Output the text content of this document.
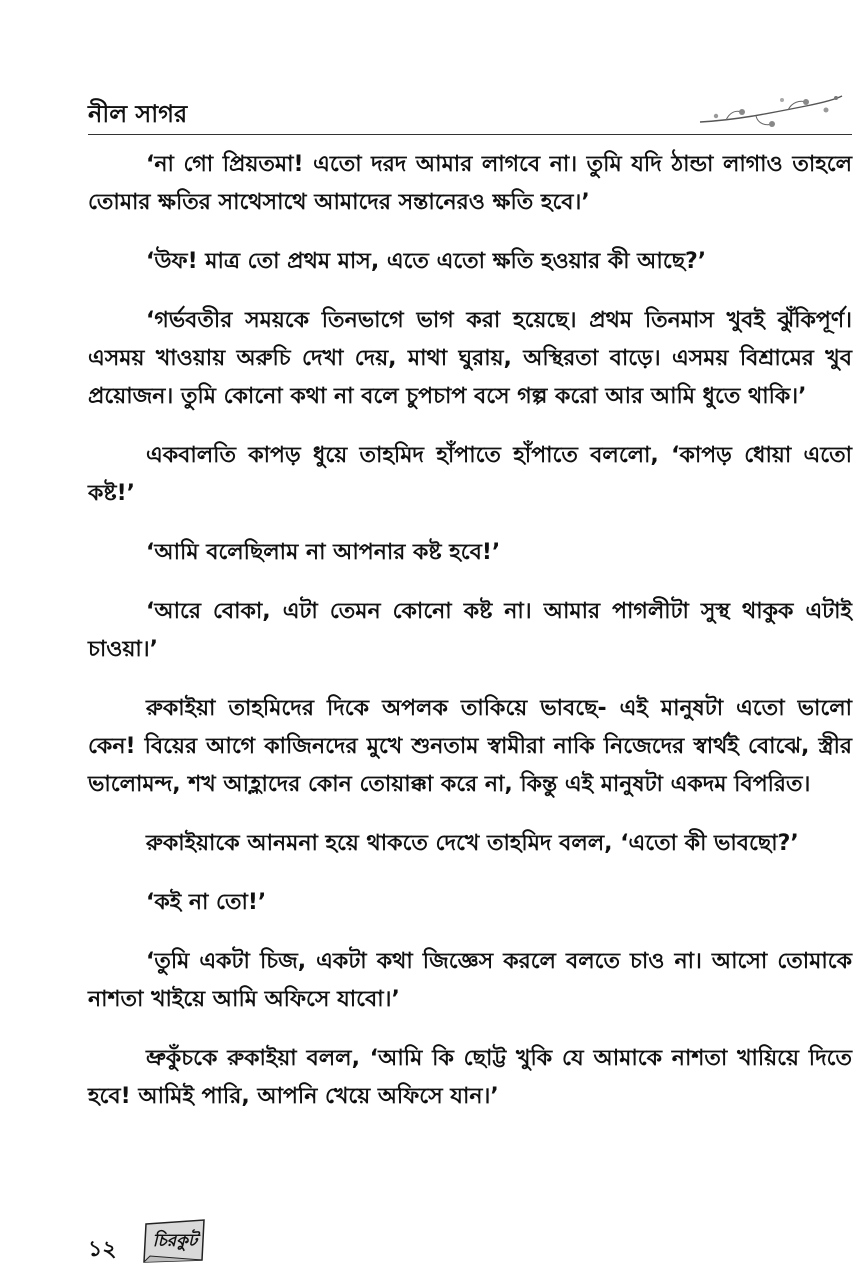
নীল সাগর

‘না গো প্রিয়তমা! এতো দরদ আমার লাগবে না। তুমি যদি ঠান্ডা লাগাও তাহলে তোমার ক্ষতির সাথেসাথে আমাদের সন্তানেরও ক্ষতি হবে।’

‘উফ! মাত্র তো প্রথম মাস, এতে এতো ক্ষতি হওয়ার কী আছে?’

‘গর্ভবতীর সময়কে তিনভাগে ভাগ করা হয়েছে। প্রথম তিনমাস খুবই ঝুঁকিপূর্ণ। এসময় খাওয়ায় অরুচি দেখা দেয়, মাথা ঘুরায়, অস্থিরতা বাড়ে। এসময় বিশ্রামের খুব প্রয়োজন। তুমি কোনো কথা না বলে চুপচাপ বসে গল্প করো আর আমি ধুতে থাকি।’

একবালতি কাপড় ধুয়ে তাহমিদ হাঁপাতে হাঁপাতে বললো, ‘কাপড় ধোয়া এতো কষ্ট!’

‘আমি বলেছিলাম না আপনার কষ্ট হবে!’

‘আরে বোকা, এটা তেমন কোনো কষ্ট না। আমার পাগলীটা সুস্থ থাকুক এটাই চাওয়া।’

রুকাইয়া তাহমিদের দিকে অপলক তাকিয়ে ভাবছে- এই মানুষটা এতো ভালো কেন! বিয়ের আগে কাজিনদের মুখে শুনতাম স্বামীরা নাকি নিজেদের স্বার্থই বোঝে, স্ত্রীর ভালোমন্দ, শখ আহ্লাদের কোন তোয়াক্কা করে না, কিন্তু এই মানুষটা একদম বিপরিত।

রুকাইয়াকে আনমনা হয়ে থাকতে দেখে তাহমিদ বলল, ‘এতো কী ভাবছো?’

‘কই না তো!’

‘তুমি একটা চিজ, একটা কথা জিজ্ঞেস করলে বলতে চাও না। আসো তোমাকে নাশতা খাইয়ে আমি অফিসে যাবো।’

ভ্রুকুঁচকে রুকাইয়া বলল, ‘আমি কি ছোট্ট খুকি যে আমাকে নাশতা খায়িয়ে দিতে হবে! আমিই পারি, আপনি খেয়ে অফিসে যান।’

১২ চিরকুট
